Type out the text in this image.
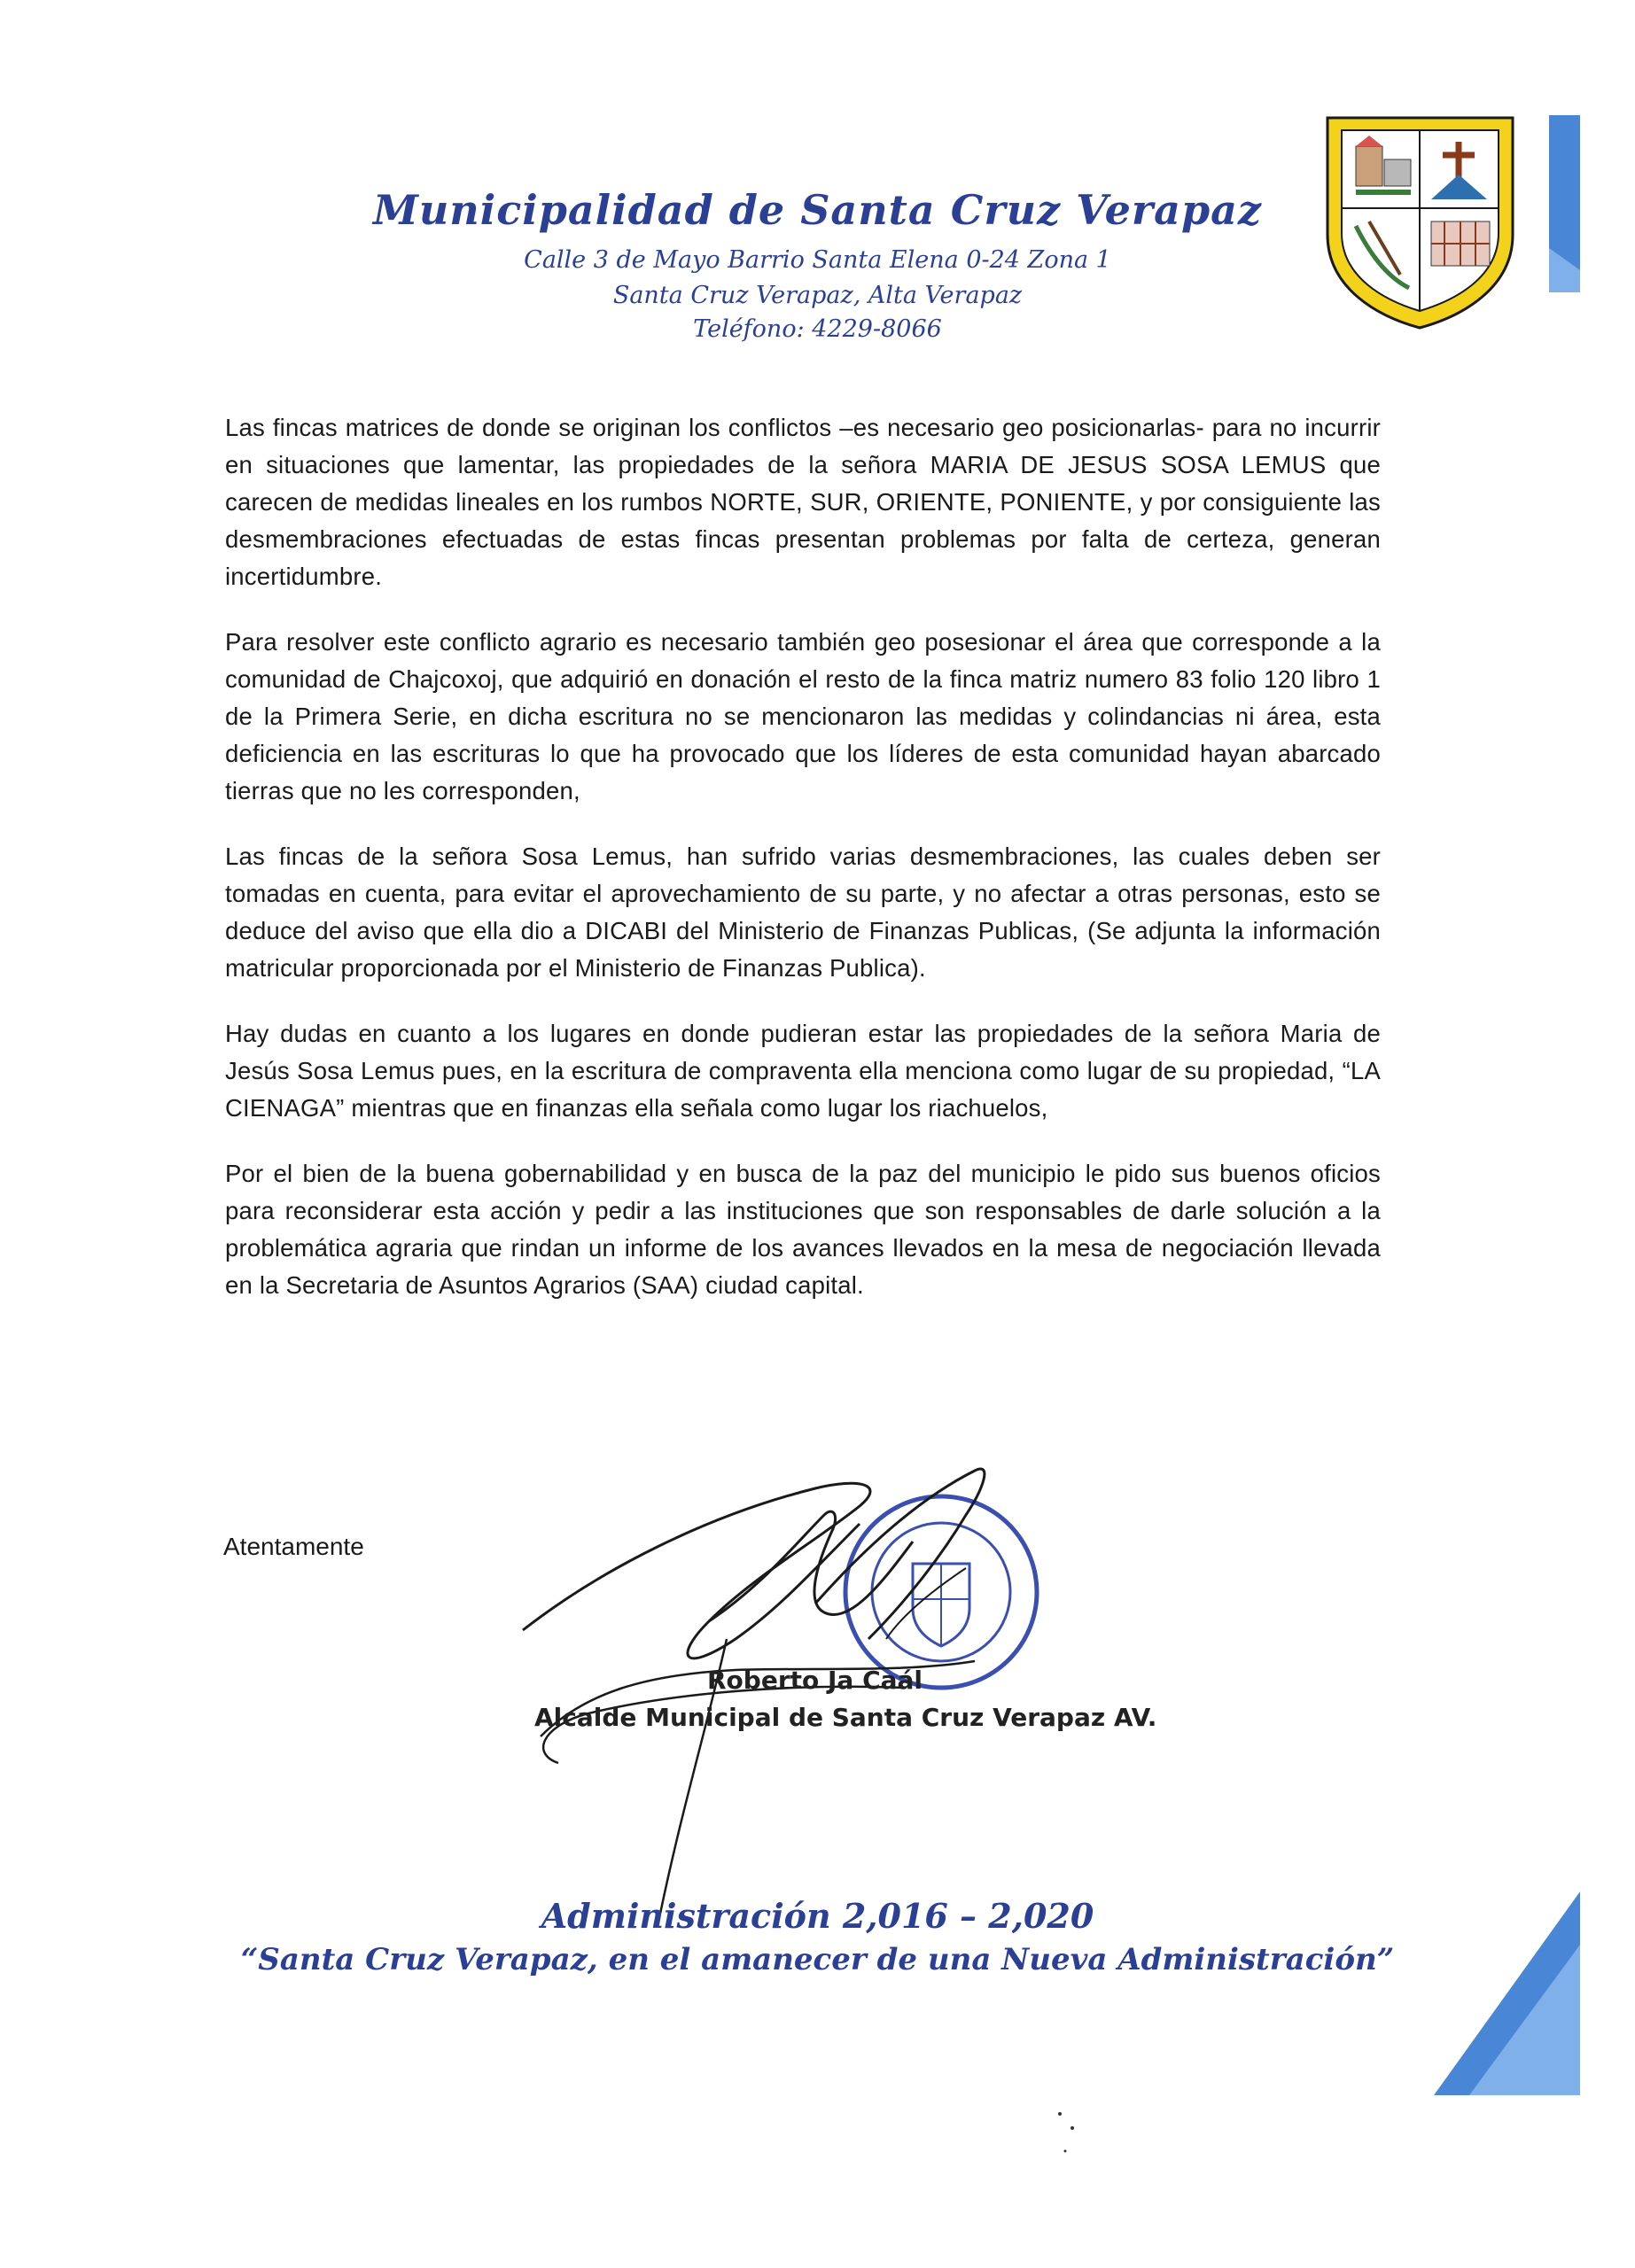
Municipalidad de Santa Cruz Verapaz
Calle 3 de Mayo Barrio Santa Elena 0-24 Zona 1
Santa Cruz Verapaz, Alta Verapaz
Teléfono: 4229-8066

Las fincas matrices de donde se originan los conflictos –es necesario geo posicionarlas- para no incurrir en situaciones que lamentar, las propiedades de la señora MARIA DE JESUS SOSA LEMUS que carecen de medidas lineales en los rumbos NORTE, SUR, ORIENTE, PONIENTE, y por consiguiente las desmembraciones efectuadas de estas fincas presentan problemas por falta de certeza, generan incertidumbre.

Para resolver este conflicto agrario es necesario también geo posesionar el área que corresponde a la comunidad de Chajcoxoj, que adquirió en donación el resto de la finca matriz numero 83 folio 120 libro 1 de la Primera Serie, en dicha escritura no se mencionaron las medidas y colindancias ni área, esta deficiencia en las escrituras lo que ha provocado que los líderes de esta comunidad hayan abarcado tierras que no les corresponden,

Las fincas de la señora Sosa Lemus, han sufrido varias desmembraciones, las cuales deben ser tomadas en cuenta, para evitar el aprovechamiento de su parte, y no afectar a otras personas, esto se deduce del aviso que ella dio a DICABI del Ministerio de Finanzas Publicas, (Se adjunta la información matricular proporcionada por el Ministerio de Finanzas Publica).

Hay dudas en cuanto a los lugares en donde pudieran estar las propiedades de la señora Maria de Jesús Sosa Lemus pues, en la escritura de compraventa ella menciona como lugar de su propiedad, “LA CIENAGA” mientras que en finanzas ella señala como lugar los riachuelos,

Por el bien de la buena gobernabilidad y en busca de la paz del municipio le pido sus buenos oficios para reconsiderar esta acción y pedir a las instituciones que son responsables de darle solución a la problemática agraria que rindan un informe de los avances llevados en la mesa de negociación llevada en la Secretaria de Asuntos Agrarios (SAA) ciudad capital.

Atentamente
Roberto Ja Caál
Alcalde Municipal de Santa Cruz Verapaz AV.
Administración 2,016 – 2,020
“Santa Cruz Verapaz, en el amanecer de una Nueva Administración”
